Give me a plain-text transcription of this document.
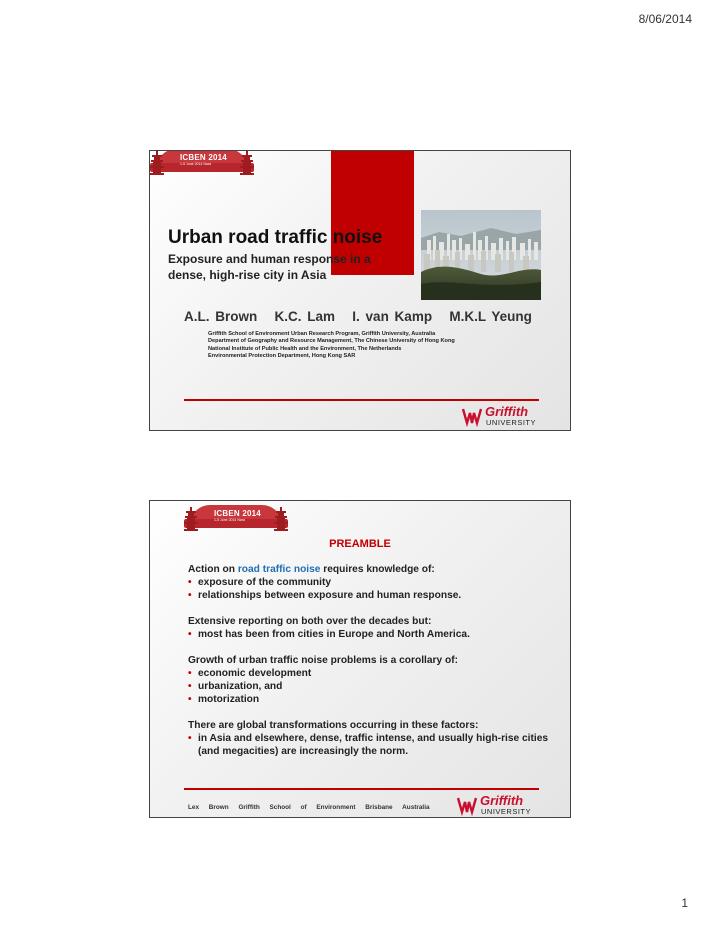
8/06/2014
ICBEN 2014
1-5 June 2014 Nara
Urban road traffic noise
Exposure and human response in a
dense, high-rise city in Asia
A.L. Brown K.C. Lam I. van Kamp M.K.L Yeung
Griffith School of Environment Urban Research Program, Griffith University, Australia
Department of Geography and Resource Management, The Chinese University of Hong Kong
National Institute of Public Health and the Environment, The Netherlands
Environmental Protection Department, Hong Kong SAR
Griffith
UNIVERSITY
ICBEN 2014
1-5 June 2014 Nara
PREAMBLE

Action on road traffic noise requires knowledge of:

• exposure of the community

• relationships between exposure and human response.

Extensive reporting on both over the decades but:

• most has been from cities in Europe and North America.

Growth of urban traffic noise problems is a corollary of:

• economic development

• urbanization, and

• motorization

There are global transformations occurring in these factors:

• in Asia and elsewhere, dense, traffic intense, and usually high-rise cities (and megacities) are increasingly the norm.

Lex Brown Griffith School of Environment Brisbane Australia	Griffith
UNIVERSITY
1
